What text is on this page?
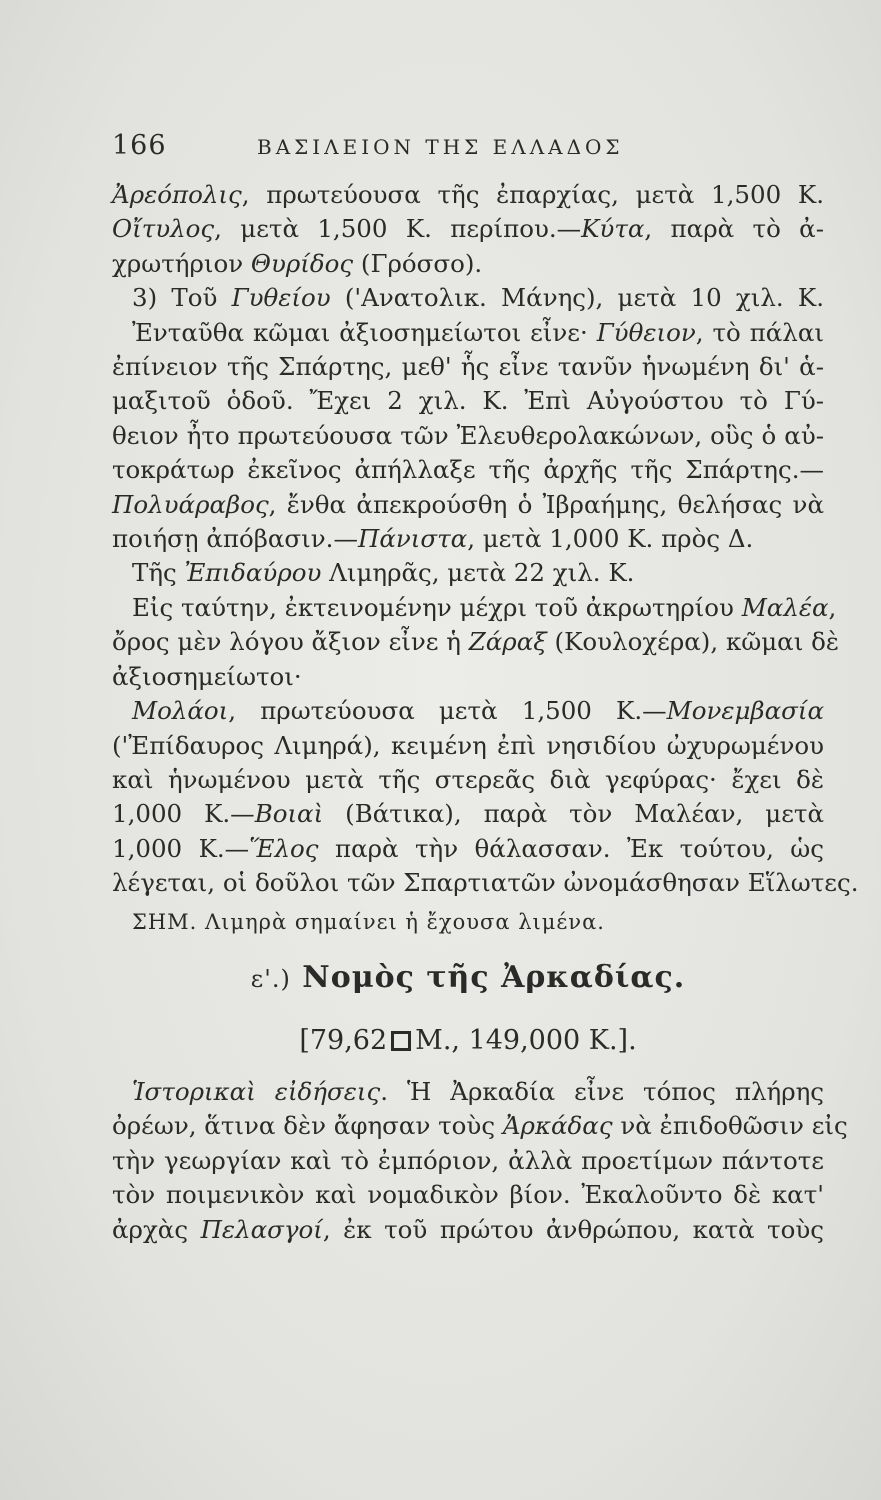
166	ΒΑΣΙΛΕΙΟΝ ΤΗΣ ΕΛΛΑΔΟΣ
Ἀρεόπολις, πρωτεύουσα τῆς ἐπαρχίας, μετὰ 1,500 Κ.
Οἴτυλος, μετὰ 1,500 Κ. περίπου.—Κύτα, παρὰ τὸ ἀ-
χρωτήριον Θυρίδος (Γρόσσο).
3) Τοῦ Γυθείου ('Ανατολικ. Μάνης), μετὰ 10 χιλ. Κ.
Ἐνταῦθα κῶμαι ἀξιοσημείωτοι εἶνε· Γύθειον, τὸ πάλαι
ἐπίνειον τῆς Σπάρτης, μεθ' ἧς εἶνε τανῦν ἡνωμένη δι' ἁ-
μαξιτοῦ ὁδοῦ. Ἔχει 2 χιλ. Κ. Ἐπὶ Αὐγούστου τὸ Γύ-
θειον ἦτο πρωτεύουσα τῶν Ἐλευθερολακώνων, οὓς ὁ αὐ-
τοκράτωρ ἐκεῖνος ἀπήλλαξε τῆς ἀρχῆς τῆς Σπάρτης.—
Πολυάραβος, ἔνθα ἀπεκρούσθη ὁ Ἰβραήμης, θελήσας νὰ
ποιήσῃ ἀπόβασιν.—Πάνιστα, μετὰ 1,000 Κ. πρὸς Δ.
Τῆς Ἐπιδαύρου Λιμηρᾶς, μετὰ 22 χιλ. Κ.
Εἰς ταύτην, ἐκτεινομένην μέχρι τοῦ ἀκρωτηρίου Μαλέα,
ὄρος μὲν λόγου ἄξιον εἶνε ἡ Ζάραξ (Κουλοχέρα), κῶμαι δὲ
ἀξιοσημείωτοι·
Μολάοι, πρωτεύουσα μετὰ 1,500 Κ.—Μονεμβασία
('Ἐπίδαυρος Λιμηρά), κειμένη ἐπὶ νησιδίου ὠχυρωμένου
καὶ ἡνωμένου μετὰ τῆς στερεᾶς διὰ γεφύρας· ἔχει δὲ
1,000 Κ.—Βοιαὶ (Βάτικα), παρὰ τὸν Μαλέαν, μετὰ
1,000 Κ.—Ἕλος παρὰ τὴν θάλασσαν. Ἐκ τούτου, ὡς
λέγεται, οἱ δοῦλοι τῶν Σπαρτιατῶν ὠνομάσθησαν Εἵλωτες.
ΣΗΜ. Λιμηρὰ σημαίνει ἡ ἔχουσα λιμένα.
ε'.) Νομὸς τῆς Ἀρκαδίας.
[79,62 Μ., 149,000 Κ.].
Ἱστορικαὶ εἰδήσεις. Ἡ Ἀρκαδία εἶνε τόπος πλήρης
ὀρέων, ἅτινα δὲν ἄφησαν τοὺς Ἀρκάδας νὰ ἐπιδοθῶσιν εἰς
τὴν γεωργίαν καὶ τὸ ἐμπόριον, ἀλλὰ προετίμων πάντοτε
τὸν ποιμενικὸν καὶ νομαδικὸν βίον. Ἐκαλοῦντο δὲ κατ'
ἀρχὰς Πελασγοί, ἐκ τοῦ πρώτου ἀνθρώπου, κατὰ τοὺς
